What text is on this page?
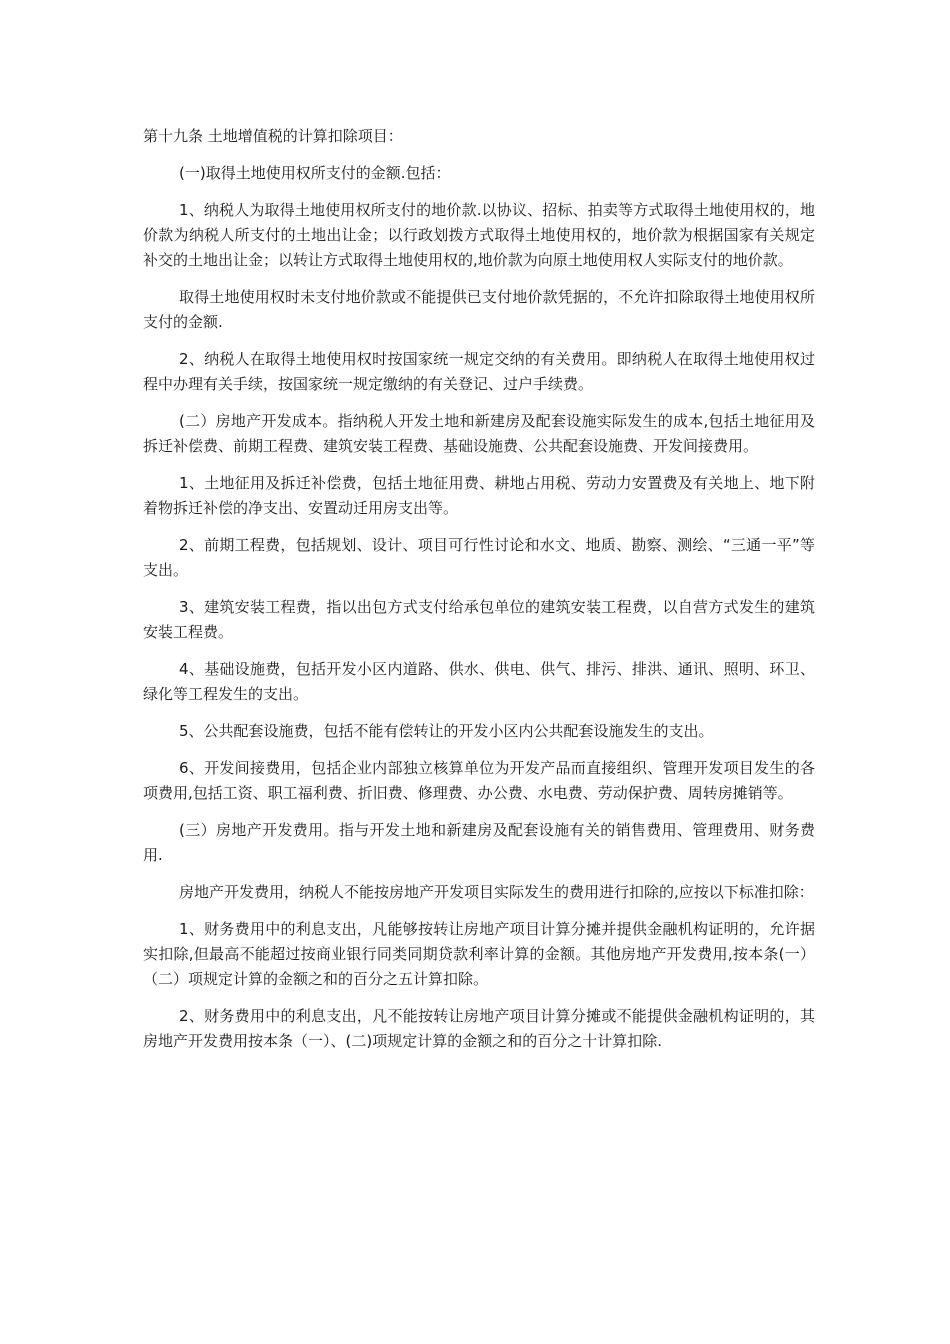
第十九条 土地增值税的计算扣除项目：

(一)取得土地使用权所支付的金额.包括：

1、纳税人为取得土地使用权所支付的地价款.以协议、招标、拍卖等方式取得土地使用权的，地价款为纳税人所支付的土地出让金；以行政划拨方式取得土地使用权的，地价款为根据国家有关规定补交的土地出让金；以转让方式取得土地使用权的,地价款为向原土地使用权人实际支付的地价款。

取得土地使用权时未支付地价款或不能提供已支付地价款凭据的，不允许扣除取得土地使用权所支付的金额.

2、纳税人在取得土地使用权时按国家统一规定交纳的有关费用。即纳税人在取得土地使用权过程中办理有关手续，按国家统一规定缴纳的有关登记、过户手续费。

(二）房地产开发成本。指纳税人开发土地和新建房及配套设施实际发生的成本,包括土地征用及拆迁补偿费、前期工程费、建筑安装工程费、基础设施费、公共配套设施费、开发间接费用。

1、土地征用及拆迁补偿费，包括土地征用费、耕地占用税、劳动力安置费及有关地上、地下附着物拆迁补偿的净支出、安置动迁用房支出等。

2、前期工程费，包括规划、设计、项目可行性讨论和水文、地质、勘察、测绘、“三通一平”等支出。

3、建筑安装工程费，指以出包方式支付给承包单位的建筑安装工程费，以自营方式发生的建筑安装工程费。

4、基础设施费，包括开发小区内道路、供水、供电、供气、排污、排洪、通讯、照明、环卫、绿化等工程发生的支出。

5、公共配套设施费，包括不能有偿转让的开发小区内公共配套设施发生的支出。

6、开发间接费用，包括企业内部独立核算单位为开发产品而直接组织、管理开发项目发生的各项费用,包括工资、职工福利费、折旧费、修理费、办公费、水电费、劳动保护费、周转房摊销等。

(三）房地产开发费用。指与开发土地和新建房及配套设施有关的销售费用、管理费用、财务费用.

房地产开发费用，纳税人不能按房地产开发项目实际发生的费用进行扣除的,应按以下标准扣除：

1、财务费用中的利息支出，凡能够按转让房地产项目计算分摊并提供金融机构证明的，允许据实扣除,但最高不能超过按商业银行同类同期贷款利率计算的金额。其他房地产开发费用,按本条(一）（二）项规定计算的金额之和的百分之五计算扣除。

2、财务费用中的利息支出，凡不能按转让房地产项目计算分摊或不能提供金融机构证明的，其房地产开发费用按本条（一）、(二)项规定计算的金额之和的百分之十计算扣除.
